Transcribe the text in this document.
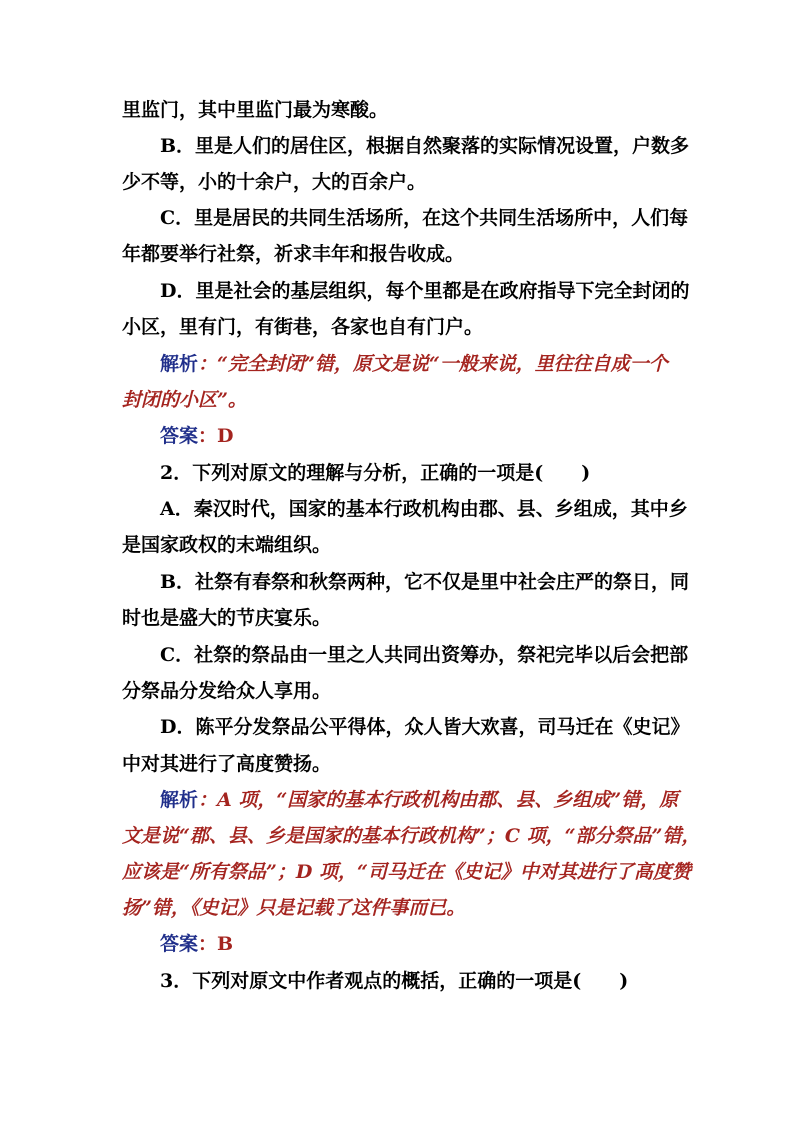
里监门，其中里监门最为寒酸。
B．里是人们的居住区，根据自然聚落的实际情况设置，户数多
少不等，小的十余户，大的百余户。
C．里是居民的共同生活场所，在这个共同生活场所中，人们每
年都要举行社祭，祈求丰年和报告收成。
D．里是社会的基层组织，每个里都是在政府指导下完全封闭的
小区，里有门，有街巷，各家也自有门户。
解析：“完全封闭”错，原文是说“一般来说，里往往自成一个
封闭的小区”。
答案：D
2．下列对原文的理解与分析，正确的一项是(　　)
A．秦汉时代，国家的基本行政机构由郡、县、乡组成，其中乡
是国家政权的末端组织。
B．社祭有春祭和秋祭两种，它不仅是里中社会庄严的祭日，同
时也是盛大的节庆宴乐。
C．社祭的祭品由一里之人共同出资筹办，祭祀完毕以后会把部
分祭品分发给众人享用。
D．陈平分发祭品公平得体，众人皆大欢喜，司马迁在《史记》
中对其进行了高度赞扬。
解析：A 项，“国家的基本行政机构由郡、县、乡组成”错，原
文是说“郡、县、乡是国家的基本行政机构”；C 项，“部分祭品”错，
应该是“所有祭品”；D 项，“司马迁在《史记》中对其进行了高度赞
扬”错，《史记》只是记载了这件事而已。
答案：B
3．下列对原文中作者观点的概括，正确的一项是(　　)
